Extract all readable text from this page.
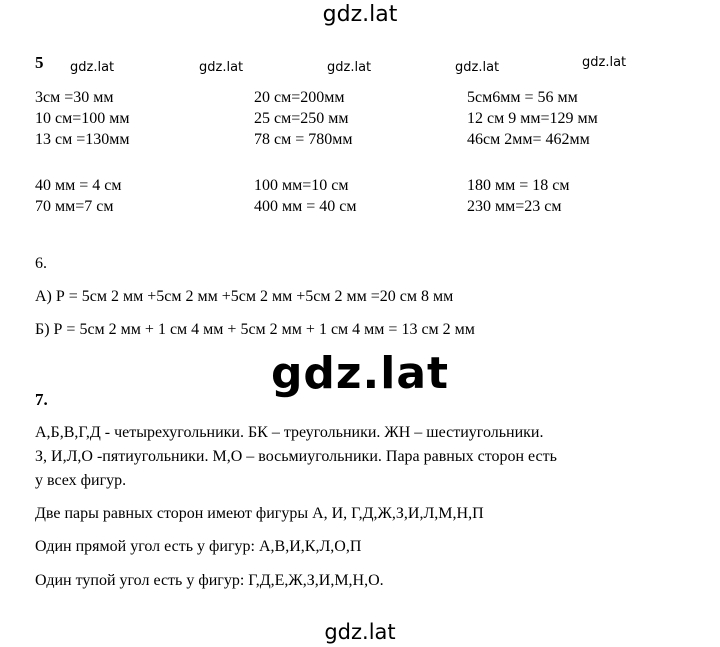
gdz.lat
gdz.lat	gdz.lat	gdz.lat	gdz.lat	gdz.lat
gdz.lat
gdz.lat
5
3см =30 мм	20 см=200мм	5см6мм = 56 мм
10 см=100 мм	25 см=250 мм	12 см 9 мм=129 мм
13 см =130мм	78 см = 780мм	46см 2мм= 462мм
40 мм = 4 см	100 мм=10 см	180 мм = 18 см
70 мм=7 см	400 мм = 40 см	230 мм=23 см
6.
А) Р = 5см 2 мм +5см 2 мм +5см 2 мм +5см 2 мм =20 см 8 мм
Б) Р = 5см 2 мм + 1 см 4 мм + 5см 2 мм + 1 см 4 мм = 13 см 2 мм
7.
А,Б,В,Г,Д - четырехугольники. БК – треугольники. ЖН – шестиугольники.
З, И,Л,О -пятиугольники. М,О – восьмиугольники. Пара равных сторон есть
у всех фигур.
Две пары равных сторон имеют фигуры А, И, Г,Д,Ж,З,И,Л,М,Н,П
Один прямой угол есть у фигур: А,В,И,К,Л,О,П
Один тупой угол есть у фигур: Г,Д,Е,Ж,З,И,М,Н,О.
